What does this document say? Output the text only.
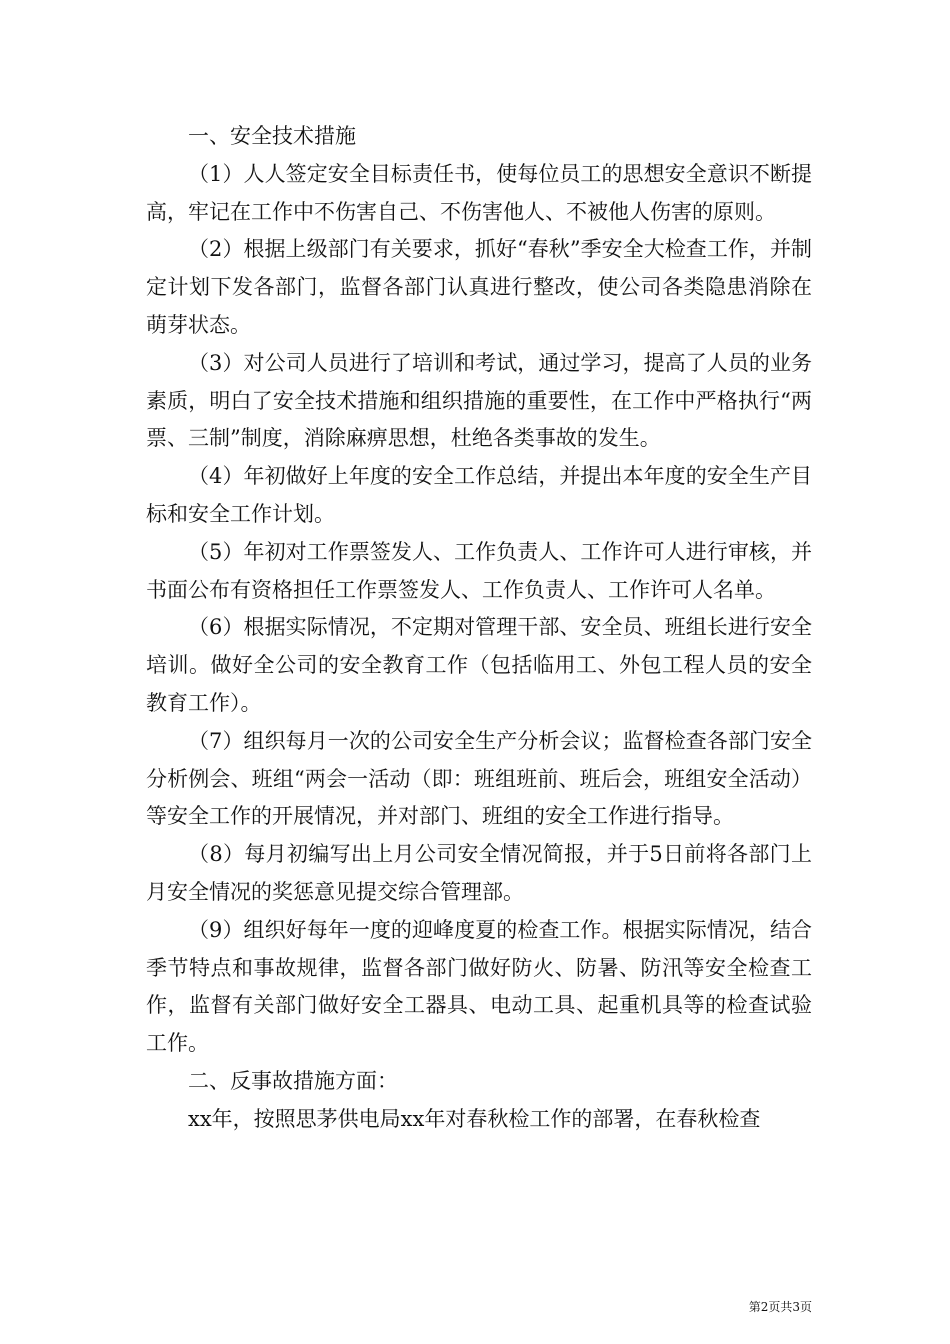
一、安全技术措施

（1）人人签定安全目标责任书，使每位员工的思想安全意识不断提高，牢记在工作中不伤害自己、不伤害他人、不被他人伤害的原则。

（2）根据上级部门有关要求，抓好“春秋”季安全大检查工作，并制定计划下发各部门，监督各部门认真进行整改，使公司各类隐患消除在萌芽状态。

（3）对公司人员进行了培训和考试，通过学习，提高了人员的业务素质，明白了安全技术措施和组织措施的重要性，在工作中严格执行“两票、三制”制度，消除麻痹思想，杜绝各类事故的发生。

（4）年初做好上年度的安全工作总结，并提出本年度的安全生产目标和安全工作计划。

（5）年初对工作票签发人、工作负责人、工作许可人进行审核，并书面公布有资格担任工作票签发人、工作负责人、工作许可人名单。

（6）根据实际情况，不定期对管理干部、安全员、班组长进行安全培训。做好全公司的安全教育工作（包括临用工、外包工程人员的安全教育工作）。

（7）组织每月一次的公司安全生产分析会议；监督检查各部门安全分析例会、班组“两会一活动（即：班组班前、班后会，班组安全活动）等安全工作的开展情况，并对部门、班组的安全工作进行指导。

（8）每月初编写出上月公司安全情况简报，并于5日前将各部门上月安全情况的奖惩意见提交综合管理部。

（9）组织好每年一度的迎峰度夏的检查工作。根据实际情况，结合季节特点和事故规律，监督各部门做好防火、防暑、防汛等安全检查工作，监督有关部门做好安全工器具、电动工具、起重机具等的检查试验工作。

二、反事故措施方面：

xx年，按照思茅供电局xx年对春秋检工作的部署，在春秋检查

第2页共3页
